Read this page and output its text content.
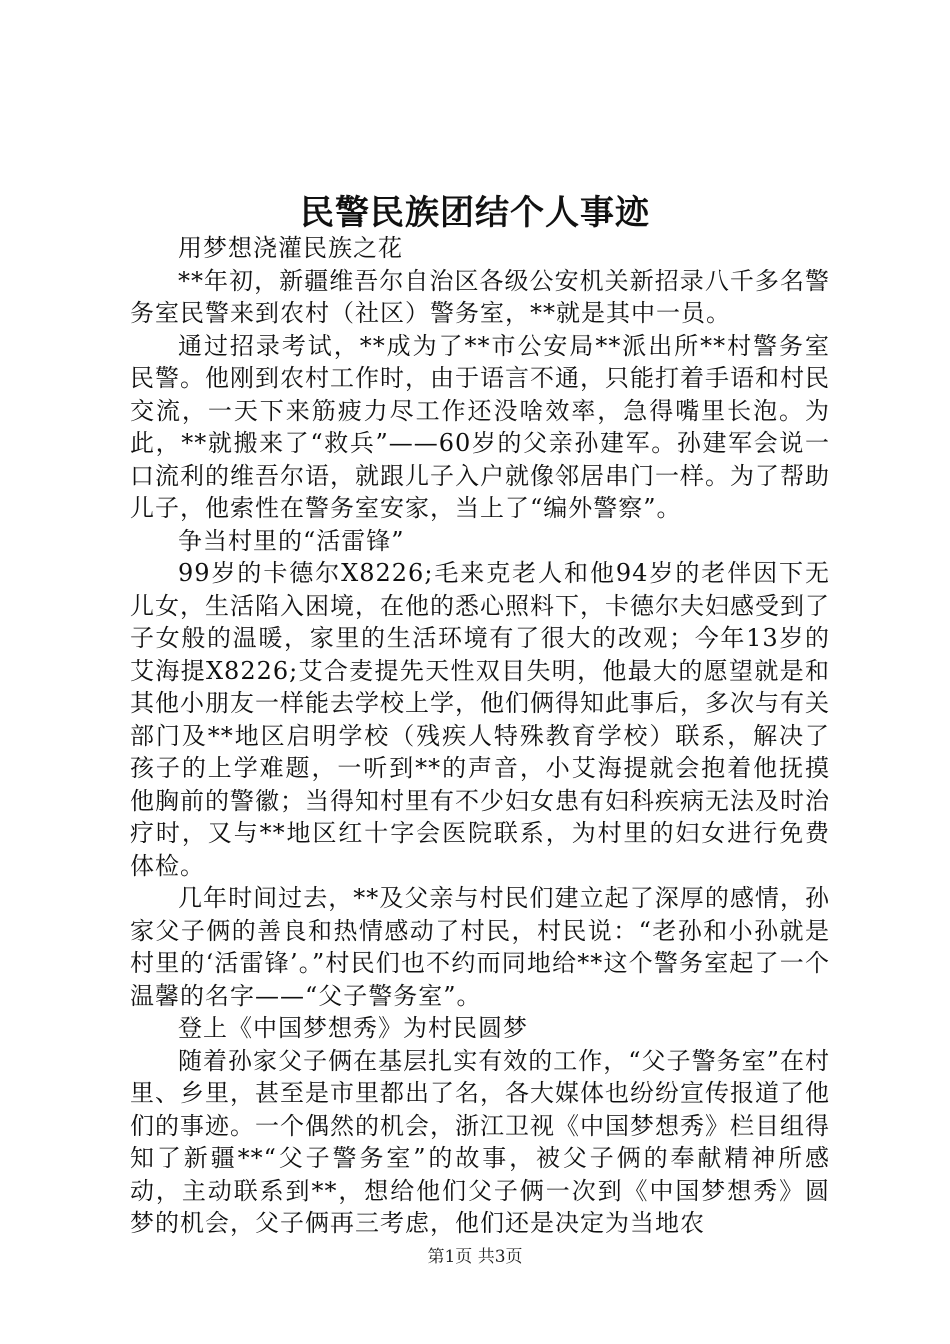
民警民族团结个人事迹

用梦想浇灌民族之花

**年初，新疆维吾尔自治区各级公安机关新招录八千多名警务室民警来到农村（社区）警务室，**就是其中一员。

通过招录考试，**成为了**市公安局**派出所**村警务室民警。他刚到农村工作时，由于语言不通，只能打着手语和村民交流，一天下来筋疲力尽工作还没啥效率，急得嘴里长泡。为此，**就搬来了“救兵”——60岁的父亲孙建军。孙建军会说一口流利的维吾尔语，就跟儿子入户就像邻居串门一样。为了帮助儿子，他索性在警务室安家，当上了“编外警察”。

争当村里的“活雷锋”

99岁的卡德尔X8226;毛来克老人和他94岁的老伴因下无儿女，生活陷入困境，在他的悉心照料下，卡德尔夫妇感受到了子女般的温暖，家里的生活环境有了很大的改观；今年13岁的艾海提X8226;艾合麦提先天性双目失明，他最大的愿望就是和其他小朋友一样能去学校上学，他们俩得知此事后，多次与有关部门及**地区启明学校（残疾人特殊教育学校）联系，解决了孩子的上学难题，一听到**的声音，小艾海提就会抱着他抚摸他胸前的警徽；当得知村里有不少妇女患有妇科疾病无法及时治疗时，又与**地区红十字会医院联系，为村里的妇女进行免费体检。

几年时间过去，**及父亲与村民们建立起了深厚的感情，孙家父子俩的善良和热情感动了村民，村民说：“老孙和小孙就是村里的‘活雷锋’。”村民们也不约而同地给**这个警务室起了一个温馨的名字——“父子警务室”。

登上《中国梦想秀》为村民圆梦

随着孙家父子俩在基层扎实有效的工作，“父子警务室”在村里、乡里，甚至是市里都出了名，各大媒体也纷纷宣传报道了他们的事迹。一个偶然的机会，浙江卫视《中国梦想秀》栏目组得知了新疆**“父子警务室”的故事，被父子俩的奉献精神所感动，主动联系到**，想给他们父子俩一次到《中国梦想秀》圆梦的机会，父子俩再三考虑，他们还是决定为当地农

第1页 共3页
